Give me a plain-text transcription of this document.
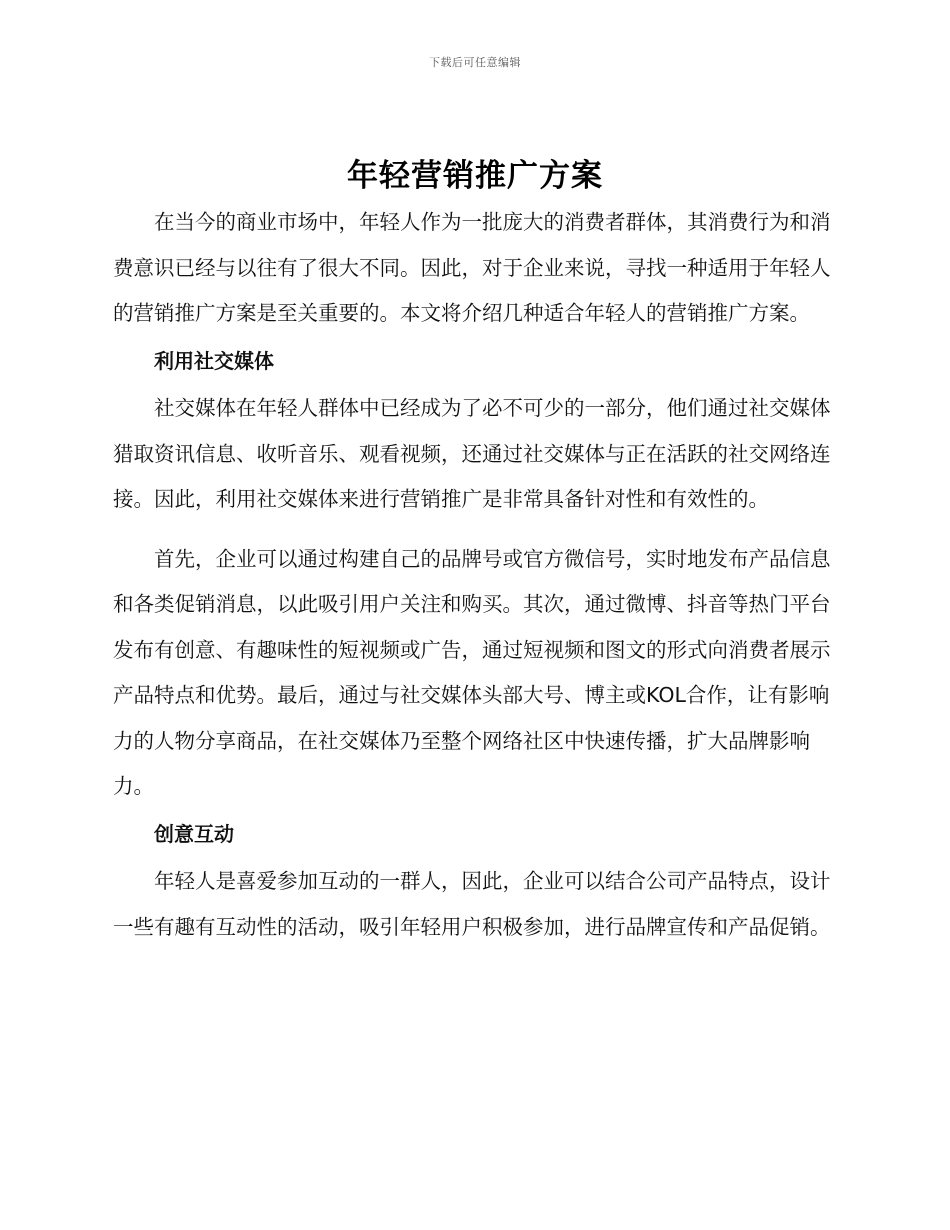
下载后可任意编辑
年轻营销推广方案

在当今的商业市场中，年轻人作为一批庞大的消费者群体，其消费行为和消费意识已经与以往有了很大不同。因此，对于企业来说，寻找一种适用于年轻人的营销推广方案是至关重要的。本文将介绍几种适合年轻人的营销推广方案。

利用社交媒体

社交媒体在年轻人群体中已经成为了必不可少的一部分，他们通过社交媒体猎取资讯信息、收听音乐、观看视频，还通过社交媒体与正在活跃的社交网络连接。因此，利用社交媒体来进行营销推广是非常具备针对性和有效性的。

首先，企业可以通过构建自己的品牌号或官方微信号，实时地发布产品信息和各类促销消息，以此吸引用户关注和购买。其次，通过微博、抖音等热门平台发布有创意、有趣味性的短视频或广告，通过短视频和图文的形式向消费者展示产品特点和优势。最后，通过与社交媒体头部大号、博主或KOL合作，让有影响力的人物分享商品，在社交媒体乃至整个网络社区中快速传播，扩大品牌影响力。

创意互动

年轻人是喜爱参加互动的一群人，因此，企业可以结合公司产品特点，设计一些有趣有互动性的活动，吸引年轻用户积极参加，进行品牌宣传和产品促销。
